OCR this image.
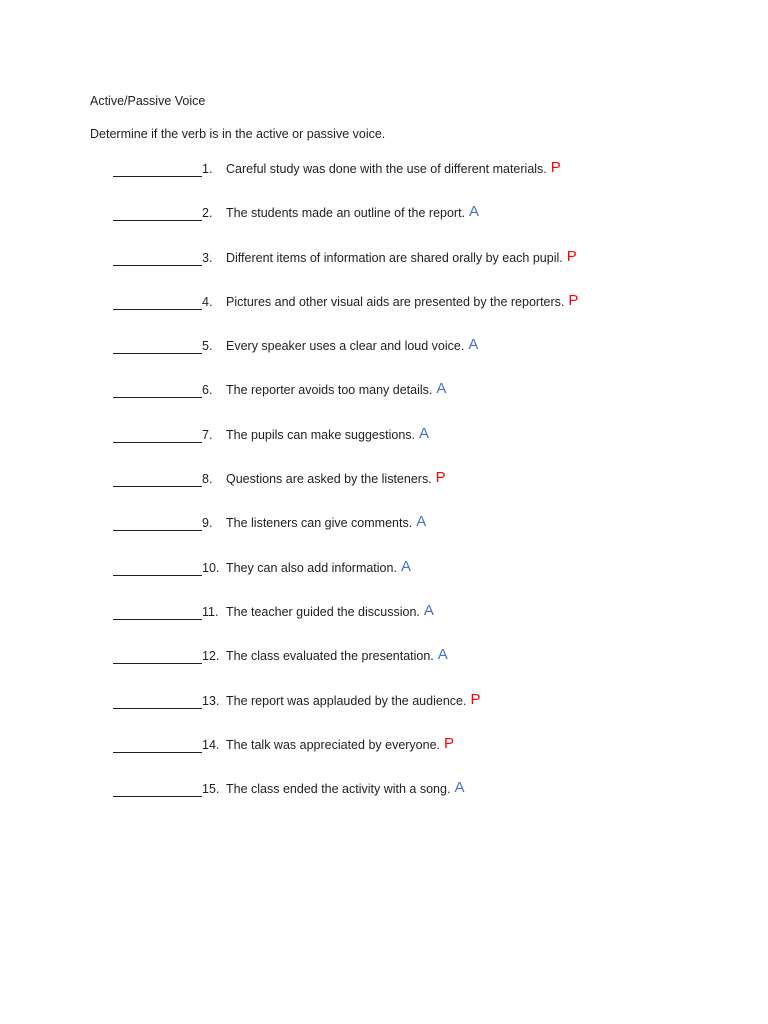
Active/Passive Voice
Determine if the verb is in the active or passive voice.
1.	Careful study was done with the use of different materials. P
2.	The students made an outline of the report. A
3.	Different items of information are shared orally by each pupil. P
4.	Pictures and other visual aids are presented by the reporters. P
5.	Every speaker uses a clear and loud voice. A
6.	The reporter avoids too many details. A
7.	The pupils can make suggestions. A
8.	Questions are asked by the listeners. P
9.	The listeners can give comments. A
10. They can also add information. A
11. The teacher guided the discussion. A
12. The class evaluated the presentation. A
13. The report was applauded by the audience. P
14. The talk was appreciated by everyone. P
15. The class ended the activity with a song. A
